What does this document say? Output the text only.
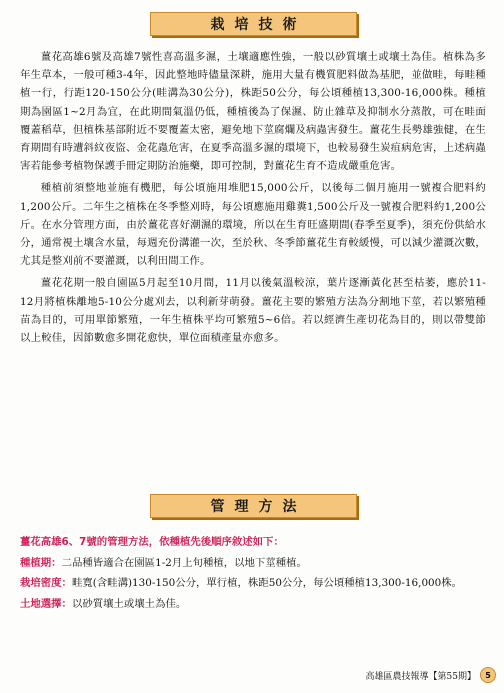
栽培技術

薑花高雄6號及高雄7號性喜高溫多濕，土壤適應性強，一般以砂質壤土或壤土為佳。植株為多年生草本，一般可種3-4年，因此整地時儘量深耕，施用大量有機質肥料做為基肥，並做畦，每畦種植一行，行距120-150公分(畦溝為30公分)，株距50公分，每公頃種植13,300-16,000株。種植期為園區1~2月為宜，在此期間氣溫仍低，種植後為了保濕、防止雜草及抑制水分蒸散，可在畦面覆蓋稻草，但植株基部附近不要覆蓋太密，避免地下莖腐爛及病蟲害發生。薑花生長勢雄強健，在生育期間有時遭斜紋夜盜、金花蟲危害，在夏季高溫多濕的環境下，也較易發生炭疽病危害，上述病蟲害若能參考植物保護手冊定期防治施藥，即可控制，對薑花生育不造成嚴重危害。

種植前須整地並施有機肥，每公頃施用堆肥15,000公斤，以後每二個月施用一號複合肥料約1,200公斤。二年生之植株在冬季整刈時，每公頃應施用雞糞1,500公斤及一號複合肥料約1,200公斤。在水分管理方面，由於薑花喜好潮濕的環境，所以在生育旺盛期間(春季至夏季)，須充份供給水分，通常視土壤含水量，每週充份溝灌一次，至於秋、冬季節薑花生育較緩慢，可以減少灌溉次數，尤其是整刈前不要灌溉，以利田間工作。

薑花花期一般自園區5月起至10月間，11月以後氣溫較涼，葉片逐漸黃化甚至枯萎，應於11-12月將植株離地5-10公分處刈去，以利新芽萌發。薑花主要的繁殖方法為分割地下莖，若以繁殖種苗為目的，可用單節繁殖，一年生植株平均可繁殖5~6倍。若以經濟生產切花為目的，則以帶雙節以上較佳，因節數愈多開花愈快，單位面積產量亦愈多。

管理方法

薑花高雄6、7號的管理方法，依種植先後順序敘述如下：

種植期：二品種皆適合在園區1-2月上旬種植，以地下莖種植。

栽培密度：畦寬(含畦溝)130-150公分，單行植，株距50公分，每公頃種植13,300-16,000株。

土地選擇：以砂質壤土或壤土為佳。

高雄區農技報導【第55期】	5
